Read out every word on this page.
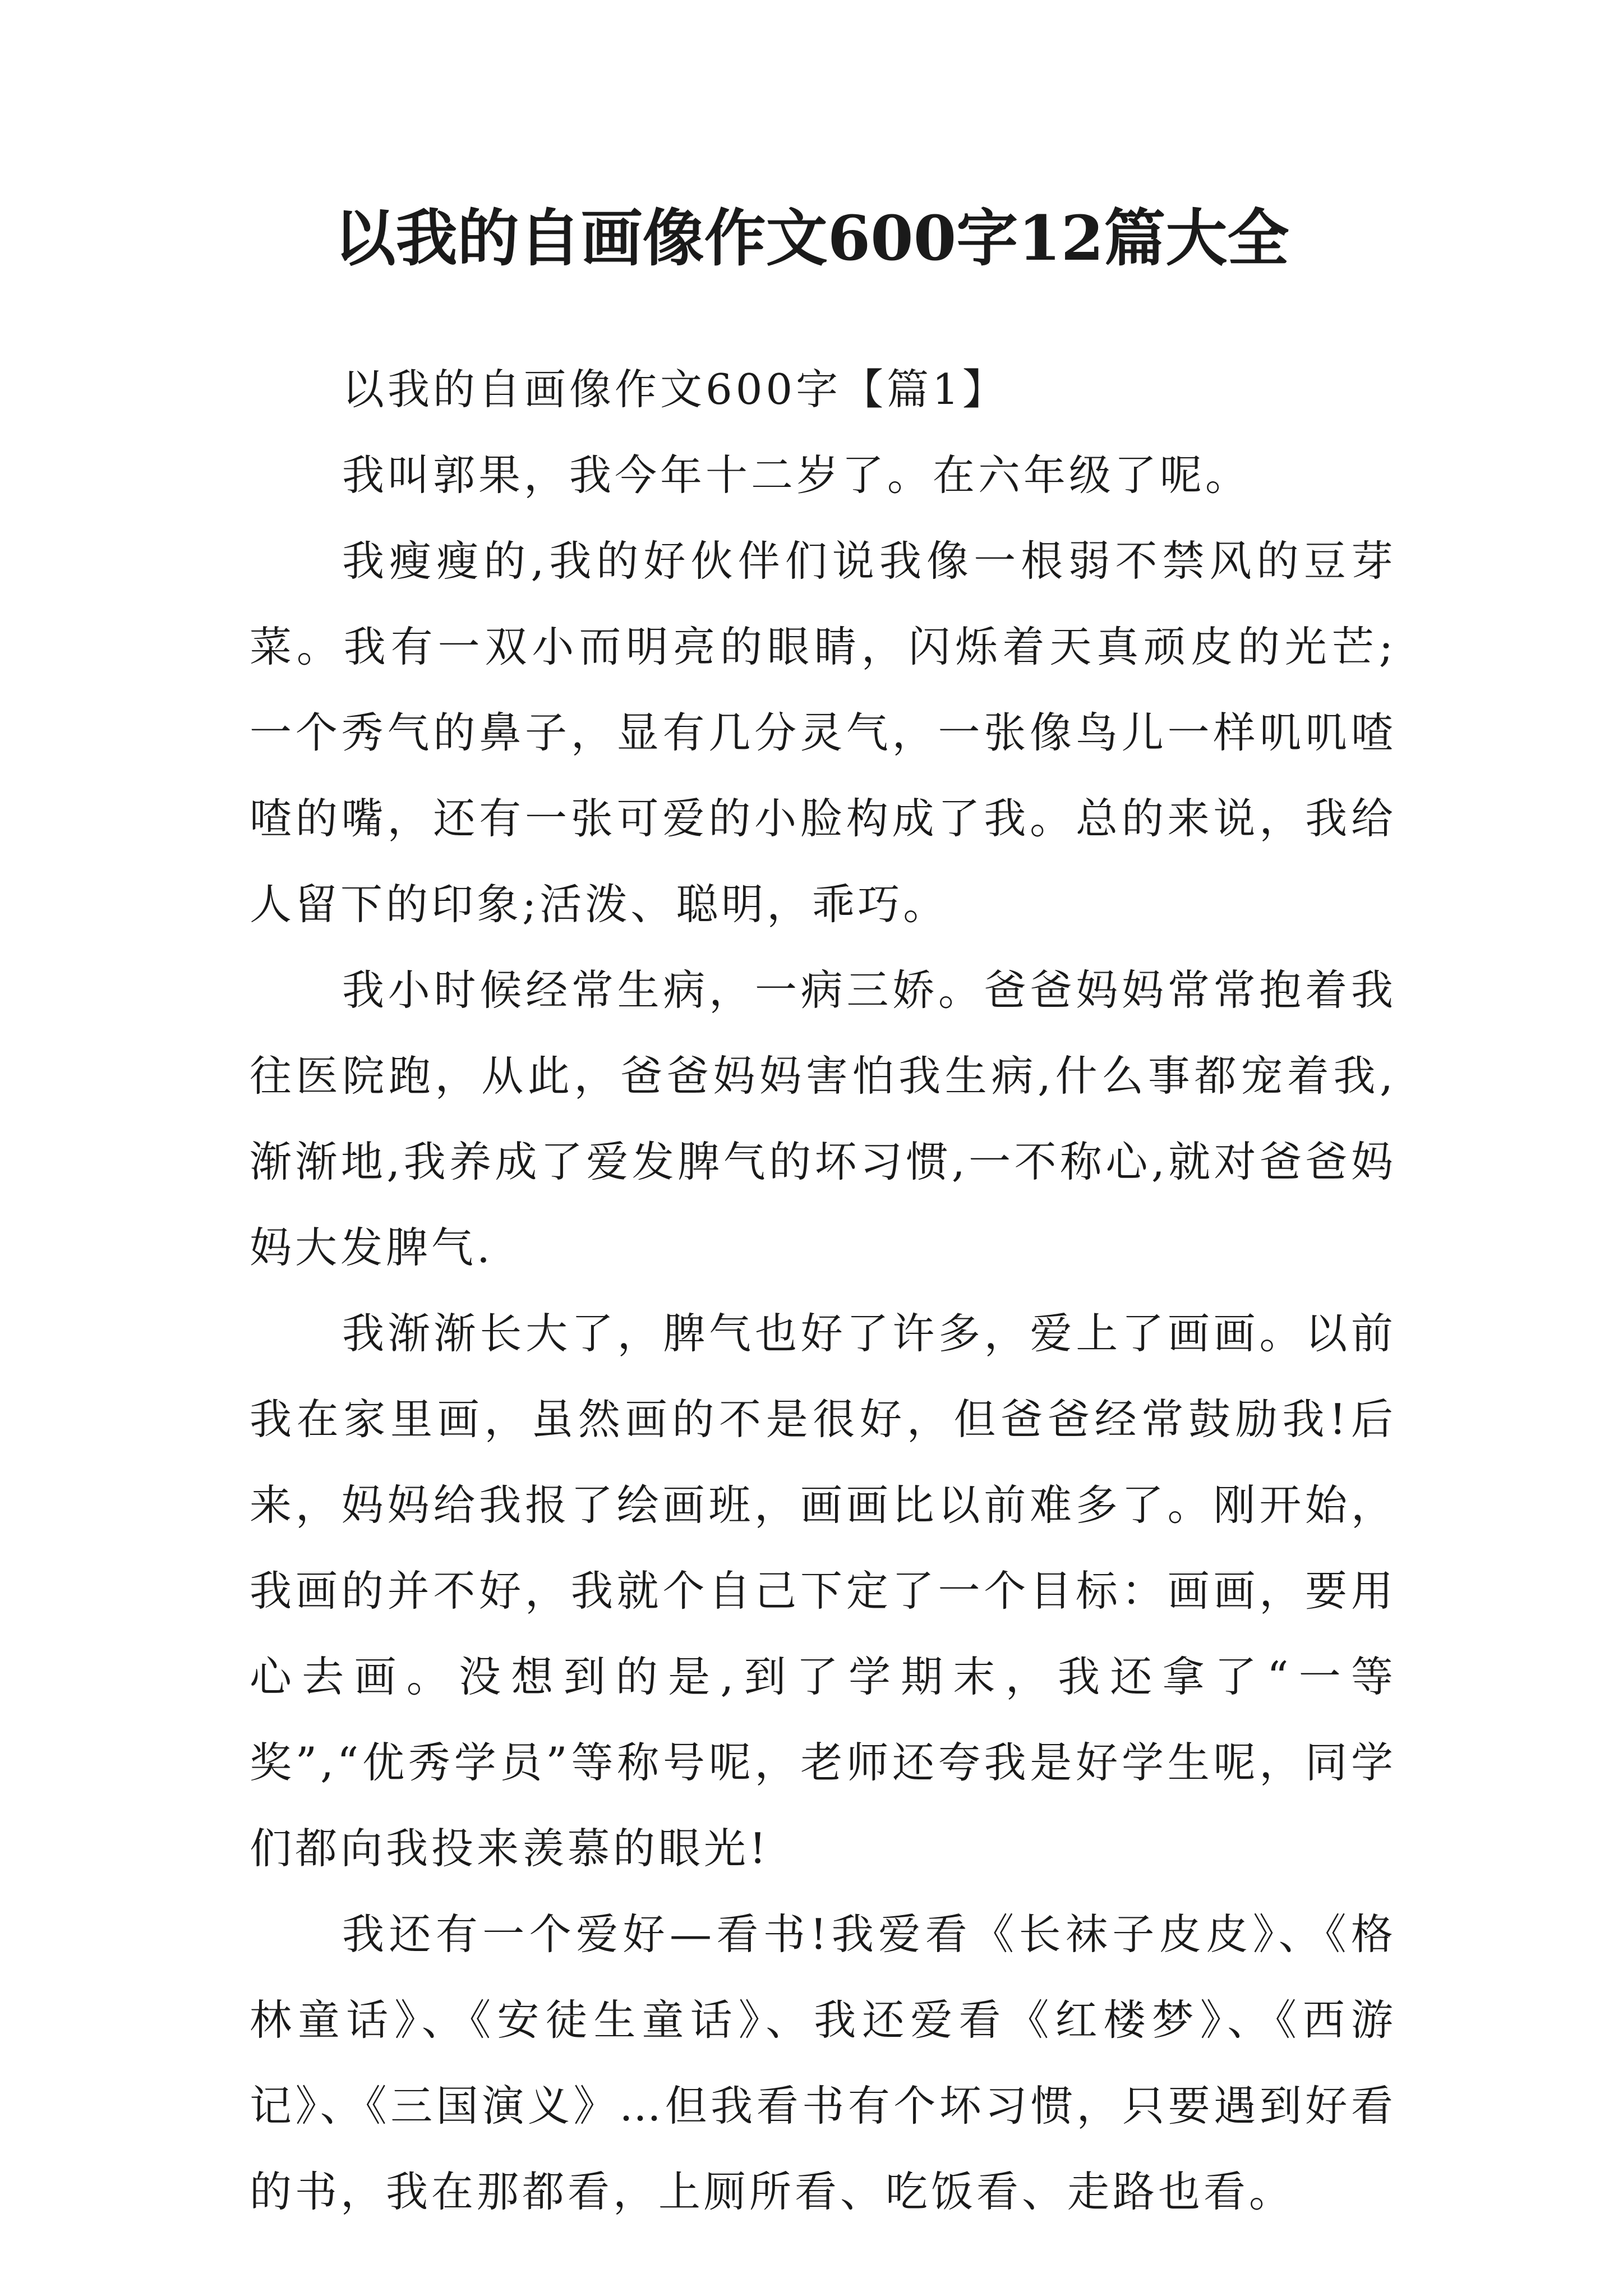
以我的自画像作文600字12篇大全

以我的自画像作文600字【篇1】

我叫郭果，我今年十二岁了。在六年级了呢。

我瘦瘦的,我的好伙伴们说我像一根弱不禁风的豆芽菜。我有一双小而明亮的眼睛，闪烁着天真顽皮的光芒;一个秀气的鼻子，显有几分灵气，一张像鸟儿一样叽叽喳喳的嘴，还有一张可爱的小脸构成了我。总的来说，我给人留下的印象;活泼、聪明，乖巧。

我小时候经常生病，一病三娇。爸爸妈妈常常抱着我往医院跑，从此，爸爸妈妈害怕我生病,什么事都宠着我,渐渐地,我养成了爱发脾气的坏习惯,一不称心,就对爸爸妈妈大发脾气.

我渐渐长大了，脾气也好了许多，爱上了画画。以前我在家里画，虽然画的不是很好，但爸爸经常鼓励我!后来，妈妈给我报了绘画班，画画比以前难多了。刚开始，我画的并不好，我就个自己下定了一个目标：画画，要用心去画。没想到的是,到了学期末，我还拿了“一等奖”,“优秀学员”等称号呢，老师还夸我是好学生呢，同学们都向我投来羡慕的眼光!

我还有一个爱好—看书!我爱看《长袜子皮皮》、《格林童话》、《安徒生童话》、我还爱看《红楼梦》、《西游记》、《三国演义》…但我看书有个坏习惯，只要遇到好看的书，我在那都看，上厕所看、吃饭看、走路也看。
